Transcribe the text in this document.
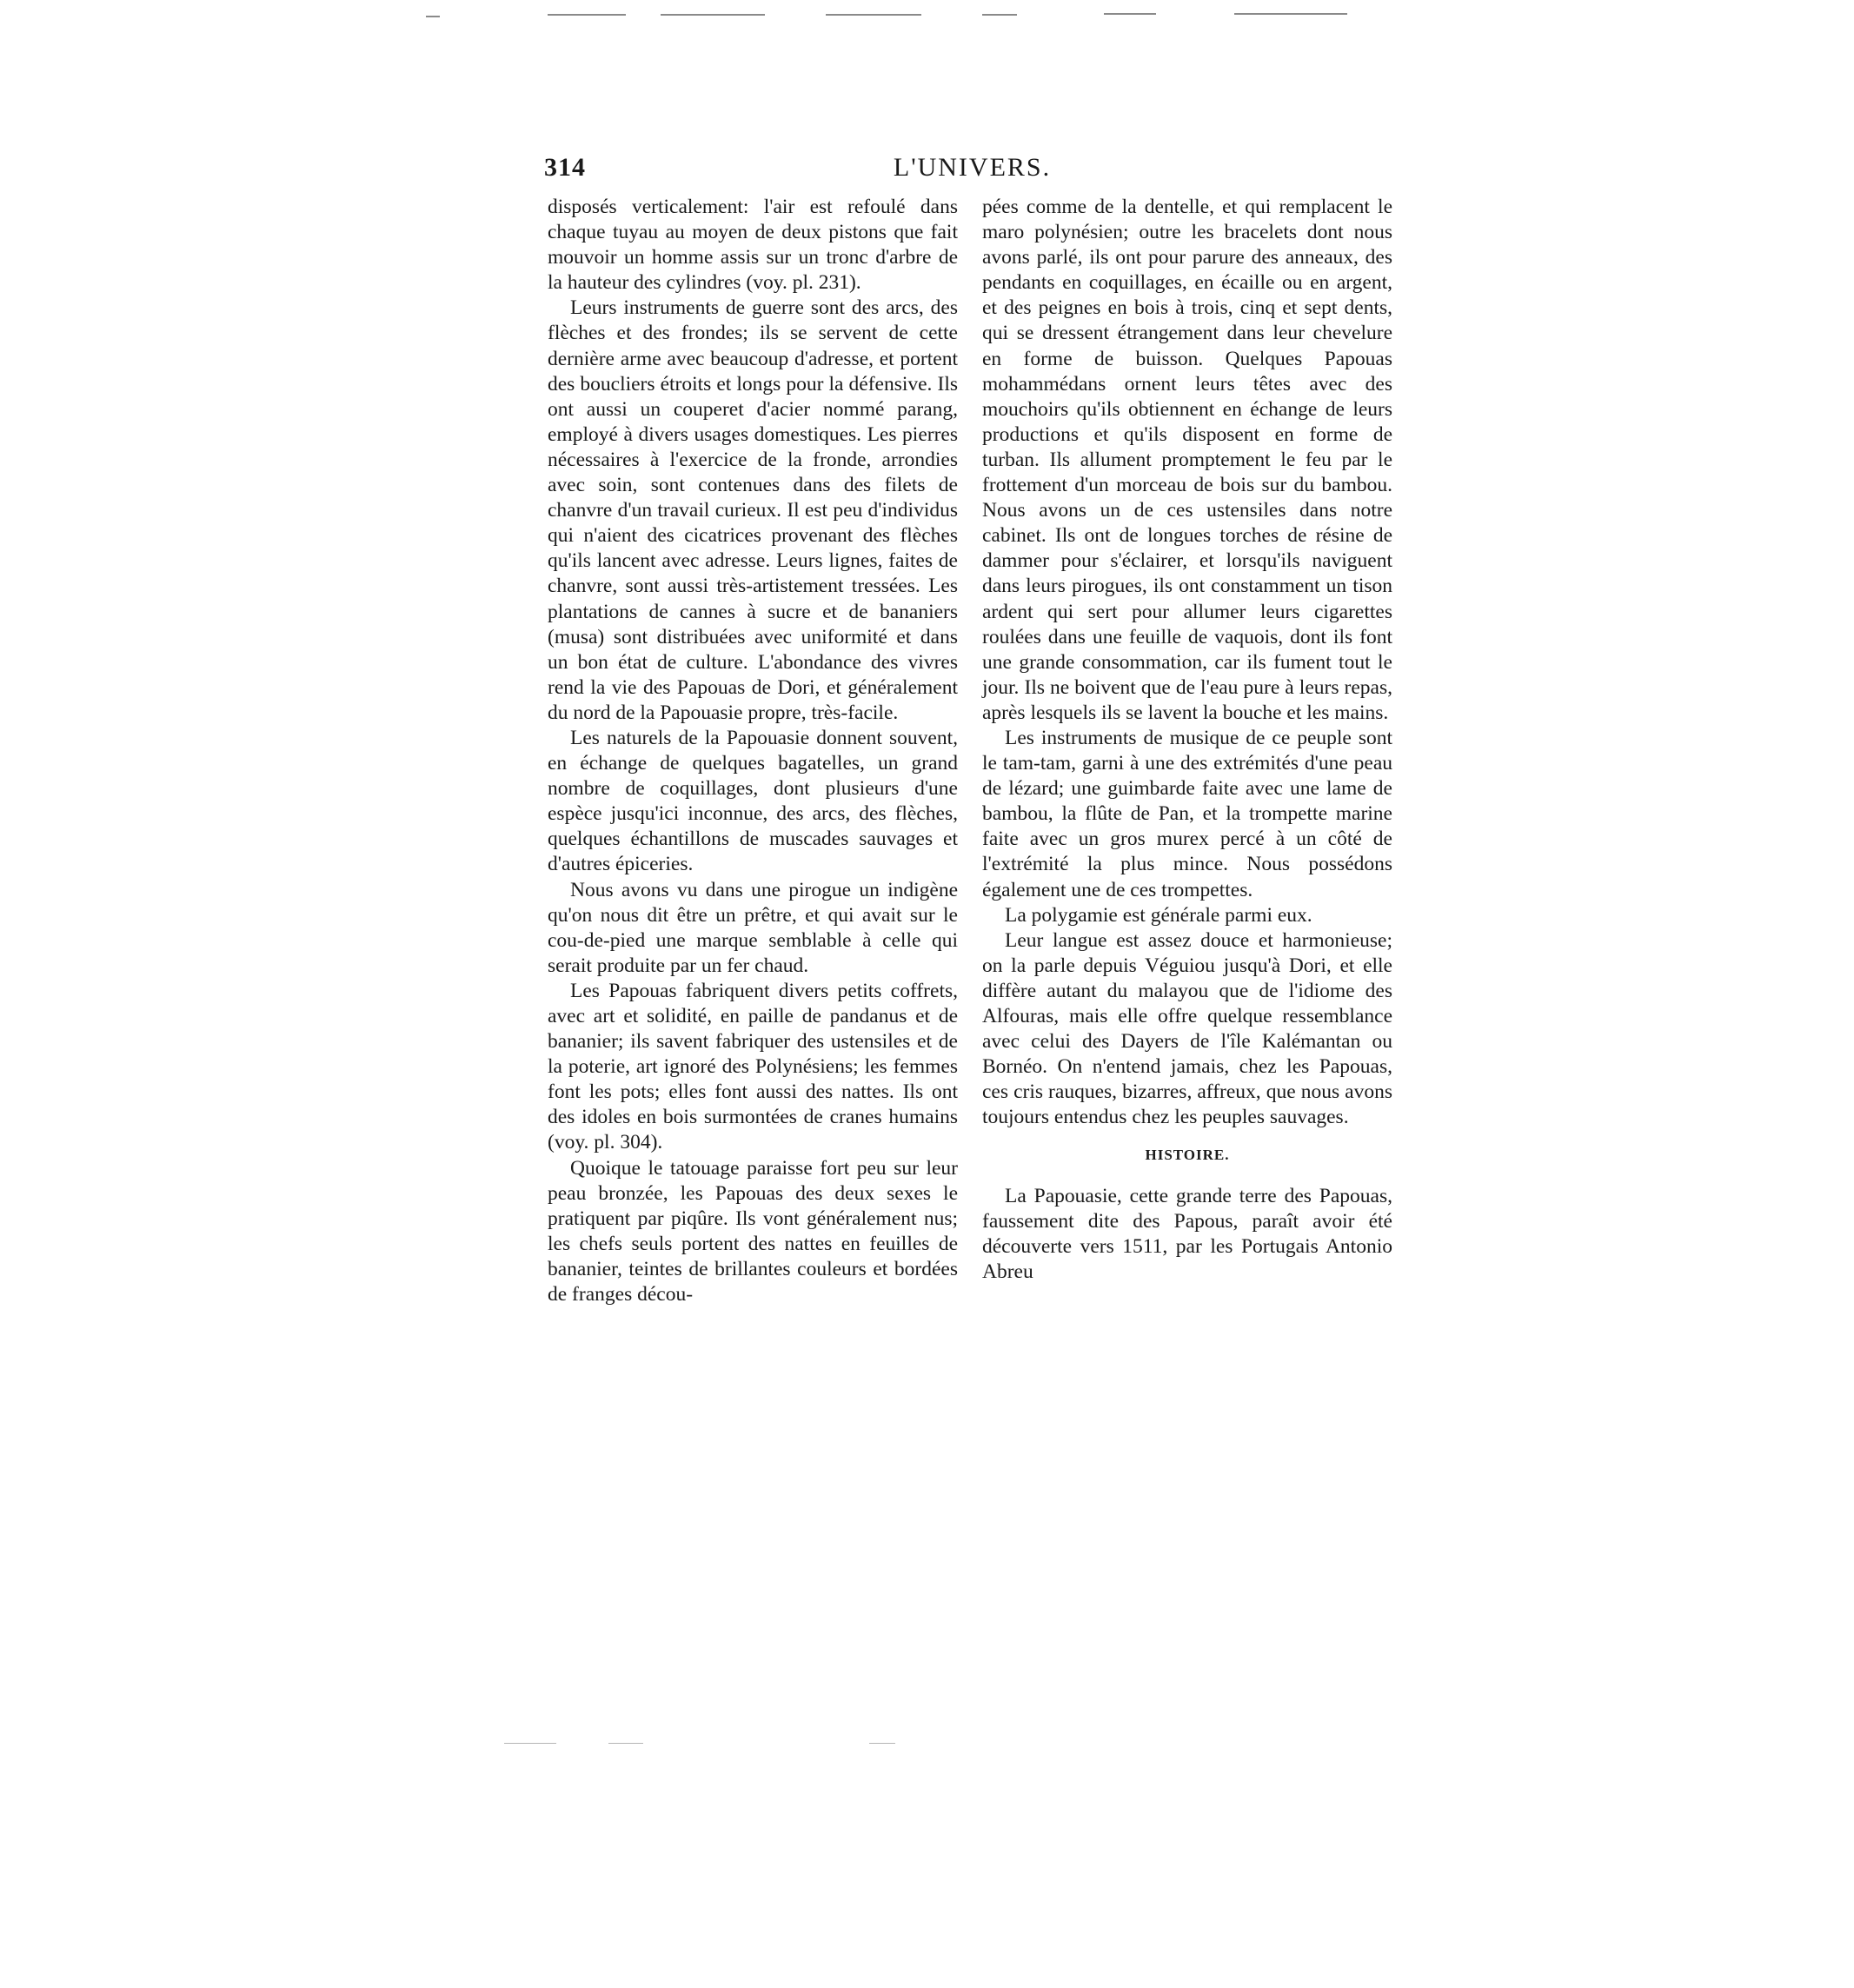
314	L'UNIVERS.

disposés verticalement: l'air est refoulé dans chaque tuyau au moyen de deux pistons que fait mouvoir un homme assis sur un tronc d'arbre de la hauteur des cylindres (voy. pl. 231).

Leurs instruments de guerre sont des arcs, des flèches et des frondes; ils se servent de cette dernière arme avec beaucoup d'adresse, et portent des boucliers étroits et longs pour la défensive. Ils ont aussi un couperet d'acier nommé parang, employé à divers usages domestiques. Les pierres nécessaires à l'exercice de la fronde, arrondies avec soin, sont contenues dans des filets de chanvre d'un travail curieux. Il est peu d'individus qui n'aient des cicatrices provenant des flèches qu'ils lancent avec adresse. Leurs lignes, faites de chanvre, sont aussi très-artistement tressées. Les plantations de cannes à sucre et de bananiers (musa) sont distribuées avec uniformité et dans un bon état de culture. L'abondance des vivres rend la vie des Papouas de Dori, et généralement du nord de la Papouasie propre, très-facile.

Les naturels de la Papouasie donnent souvent, en échange de quelques bagatelles, un grand nombre de coquillages, dont plusieurs d'une espèce jusqu'ici inconnue, des arcs, des flèches, quelques échantillons de muscades sauvages et d'autres épiceries.

Nous avons vu dans une pirogue un indigène qu'on nous dit être un prêtre, et qui avait sur le cou-de-pied une marque semblable à celle qui serait produite par un fer chaud.

Les Papouas fabriquent divers petits coffrets, avec art et solidité, en paille de pandanus et de bananier; ils savent fabriquer des ustensiles et de la poterie, art ignoré des Polynésiens; les femmes font les pots; elles font aussi des nattes. Ils ont des idoles en bois surmontées de cranes humains (voy. pl. 304).

Quoique le tatouage paraisse fort peu sur leur peau bronzée, les Papouas des deux sexes le pratiquent par piqûre. Ils vont généralement nus; les chefs seuls portent des nattes en feuilles de bananier, teintes de brillantes couleurs et bordées de franges décou-

pées comme de la dentelle, et qui remplacent le maro polynésien; outre les bracelets dont nous avons parlé, ils ont pour parure des anneaux, des pendants en coquillages, en écaille ou en argent, et des peignes en bois à trois, cinq et sept dents, qui se dressent étrangement dans leur chevelure en forme de buisson. Quelques Papouas mohammédans ornent leurs têtes avec des mouchoirs qu'ils obtiennent en échange de leurs productions et qu'ils disposent en forme de turban. Ils allument promptement le feu par le frottement d'un morceau de bois sur du bambou. Nous avons un de ces ustensiles dans notre cabinet. Ils ont de longues torches de résine de dammer pour s'éclairer, et lorsqu'ils naviguent dans leurs pirogues, ils ont constamment un tison ardent qui sert pour allumer leurs cigarettes roulées dans une feuille de vaquois, dont ils font une grande consommation, car ils fument tout le jour. Ils ne boivent que de l'eau pure à leurs repas, après lesquels ils se lavent la bouche et les mains.

Les instruments de musique de ce peuple sont le tam-tam, garni à une des extrémités d'une peau de lézard; une guimbarde faite avec une lame de bambou, la flûte de Pan, et la trompette marine faite avec un gros murex percé à un côté de l'extrémité la plus mince. Nous possédons également une de ces trompettes.

La polygamie est générale parmi eux.

Leur langue est assez douce et harmonieuse; on la parle depuis Véguiou jusqu'à Dori, et elle diffère autant du malayou que de l'idiome des Alfouras, mais elle offre quelque ressemblance avec celui des Dayers de l'île Kalémantan ou Bornéo. On n'entend jamais, chez les Papouas, ces cris rauques, bizarres, affreux, que nous avons toujours entendus chez les peuples sauvages.

HISTOIRE.

La Papouasie, cette grande terre des Papouas, faussement dite des Papous, paraît avoir été découverte vers 1511, par les Portugais Antonio Abreu
